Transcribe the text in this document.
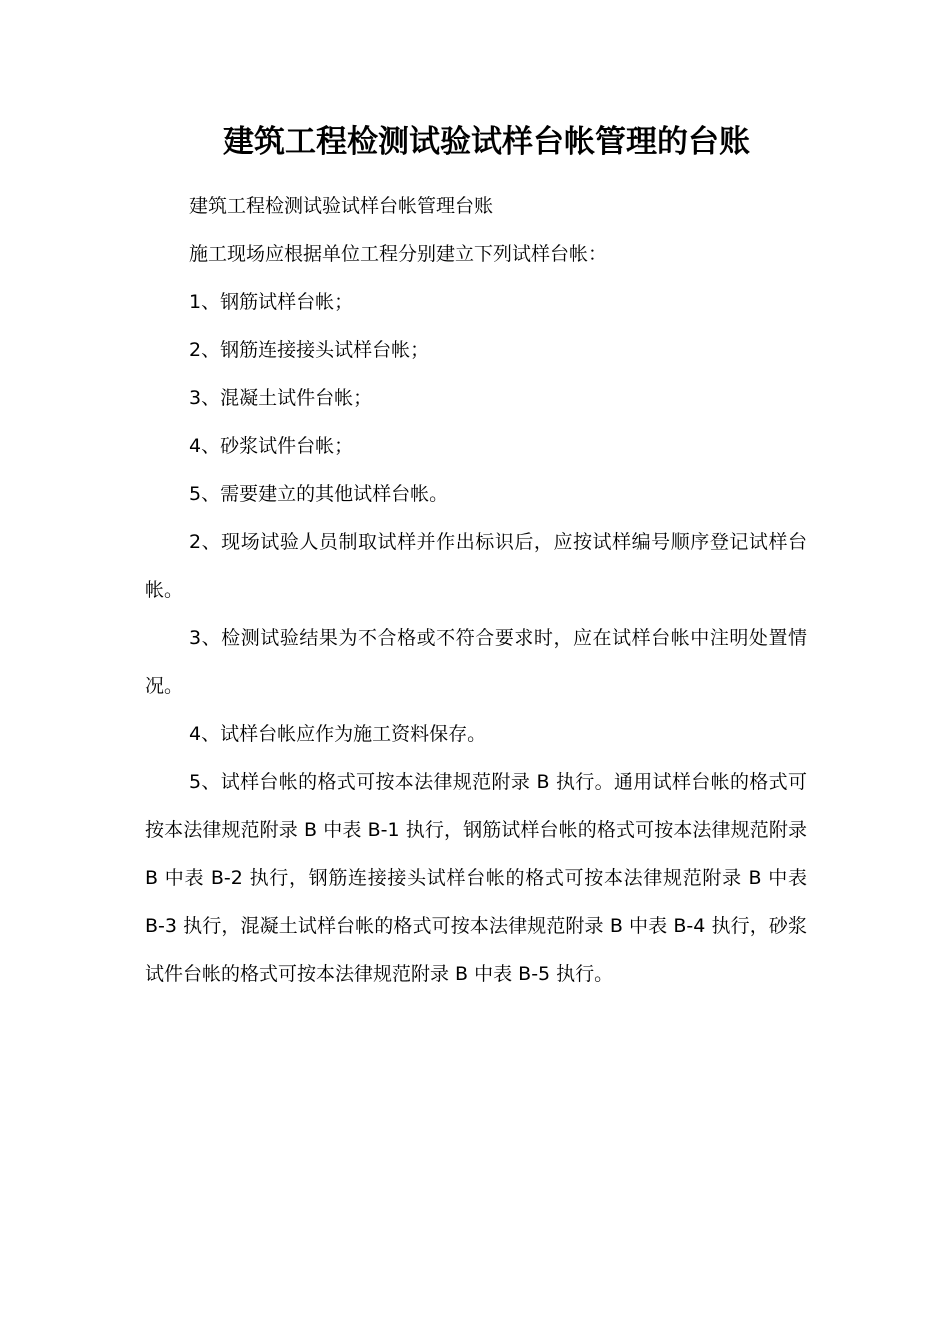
建筑工程检测试验试样台帐管理的台账

建筑工程检测试验试样台帐管理台账

施工现场应根据单位工程分别建立下列试样台帐：

1、钢筋试样台帐；

2、钢筋连接接头试样台帐；

3、混凝土试件台帐；

4、砂浆试件台帐；

5、需要建立的其他试样台帐。

2、现场试验人员制取试样并作出标识后，应按试样编号顺序登记试样台帐。

3、检测试验结果为不合格或不符合要求时，应在试样台帐中注明处置情况。

4、试样台帐应作为施工资料保存。

5、试样台帐的格式可按本法律规范附录 B 执行。通用试样台帐的格式可按本法律规范附录 B 中表 B-1 执行，钢筋试样台帐的格式可按本法律规范附录 B 中表 B-2 执行，钢筋连接接头试样台帐的格式可按本法律规范附录 B 中表 B-3 执行，混凝土试样台帐的格式可按本法律规范附录 B 中表 B-4 执行，砂浆试件台帐的格式可按本法律规范附录 B 中表 B-5 执行。
